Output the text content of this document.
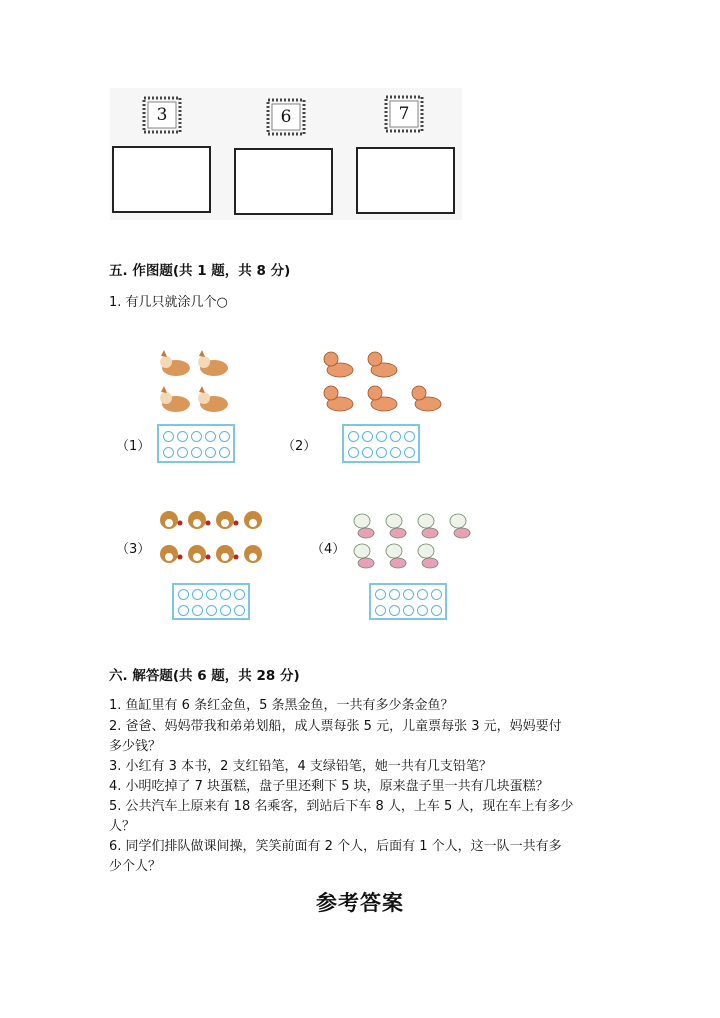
3	6	7
五. 作图题(共 1 题，共 8 分)
1. 有几只就涂几个○
（1）	（2）
（3）	（4）
六. 解答题(共 6 题，共 28 分)
1. 鱼缸里有 6 条红金鱼，5 条黑金鱼，一共有多少条金鱼？
2. 爸爸、妈妈带我和弟弟划船，成人票每张 5 元，儿童票每张 3 元，妈妈要付
多少钱？
3. 小红有 3 本书，2 支红铅笔，4 支绿铅笔，她一共有几支铅笔？
4. 小明吃掉了 7 块蛋糕，盘子里还剩下 5 块，原来盘子里一共有几块蛋糕？
5. 公共汽车上原来有 18 名乘客，到站后下车 8 人，上车 5 人，现在车上有多少
人？
6. 同学们排队做课间操，笑笑前面有 2 个人，后面有 1 个人，这一队一共有多
少个人？
参考答案
